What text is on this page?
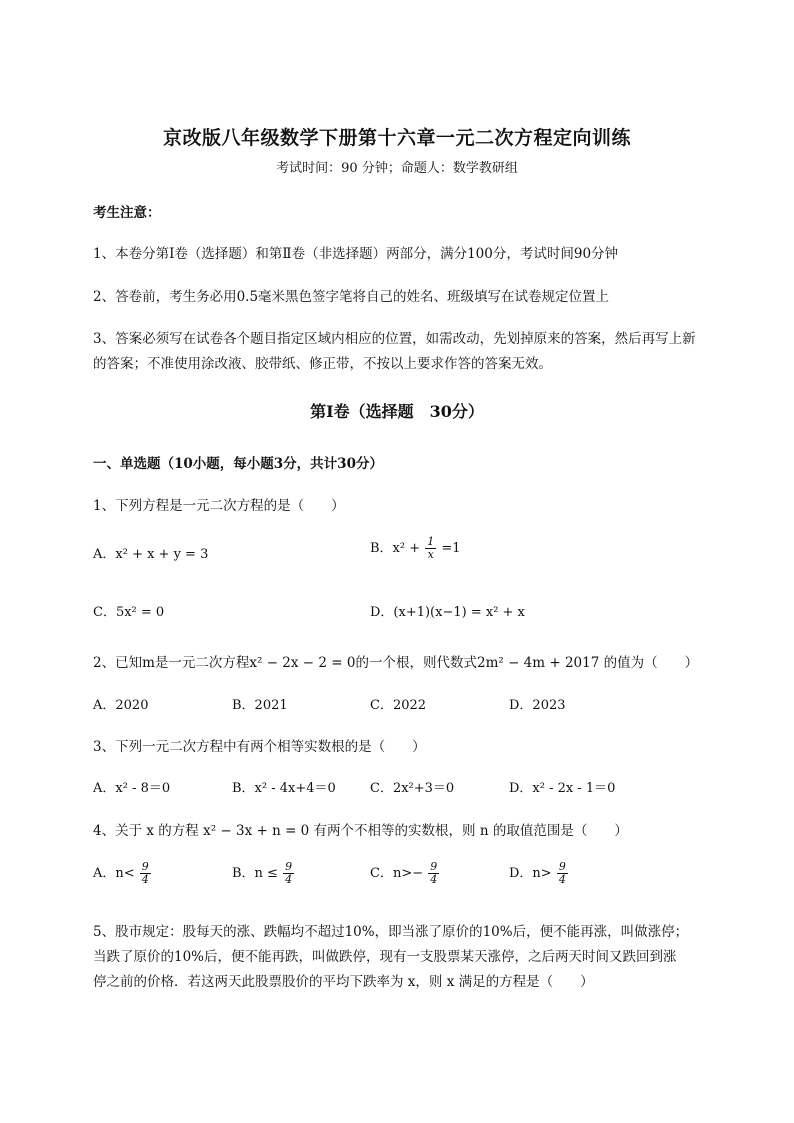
京改版八年级数学下册第十六章一元二次方程定向训练
考试时间：90 分钟；命题人：数学教研组
考生注意：
1、本卷分第Ⅰ卷（选择题）和第Ⅱ卷（非选择题）两部分，满分100分，考试时间90分钟
2、答卷前，考生务必用0.5毫米黑色签字笔将自己的姓名、班级填写在试卷规定位置上
3、答案必须写在试卷各个题目指定区域内相应的位置，如需改动，先划掉原来的答案，然后再写上新
的答案；不准使用涂改液、胶带纸、修正带，不按以上要求作答的答案无效。
第Ⅰ卷（选择题　30分）
一、单选题（10小题，每小题3分，共计30分）
1、下列方程是一元二次方程的是（　　）
A．x² + x + y = 3	B．$x^2 + \frac{1}{x} =1$
C．5x² = 0	D．(x+1)(x−1) = x² + x
2、已知m是一元二次方程x² − 2x − 2 = 0的一个根，则代数式2m² − 4m + 2017 的值为（　　）
A．2020	B．2021	C．2022	D．2023
3、下列一元二次方程中有两个相等实数根的是（　　）
A．x² - 8＝0	B．x² - 4x+4＝0	C．2x²+3＝0	D．x² - 2x - 1＝0
4、关于 x 的方程 x² − 3x + n = 0 有两个不相等的实数根，则 n 的取值范围是（　　）
A．$n< \frac{9}{4}$	B．$n \le \frac{9}{4}$	C．$n>- \frac{9}{4}$	D．$n> \frac{9}{4}$
5、股市规定：股每天的涨、跌幅均不超过10%，即当涨了原价的10%后，便不能再涨，叫做涨停；
当跌了原价的10%后，便不能再跌，叫做跌停，现有一支股票某天涨停，之后两天时间又跌回到涨
停之前的价格．若这两天此股票股价的平均下跌率为 x，则 x 满足的方程是（　　）
